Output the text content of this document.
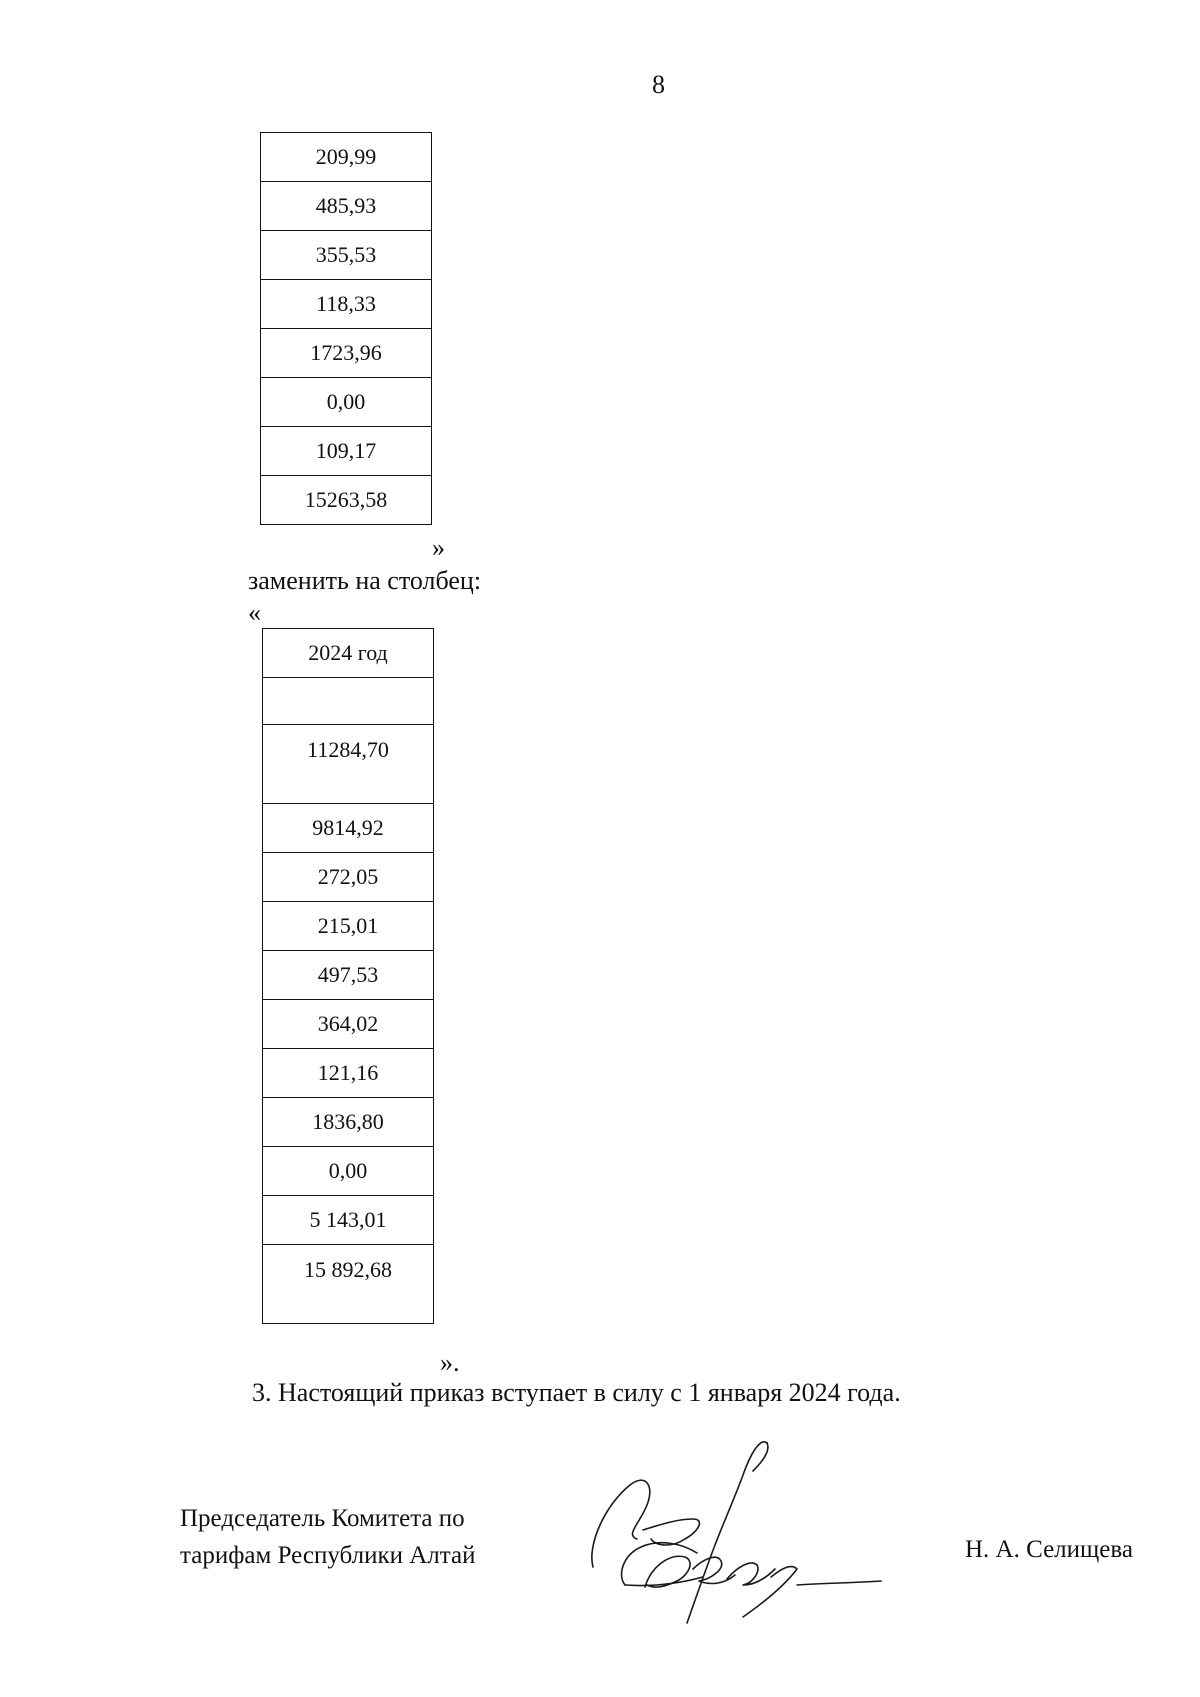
8
209,99
485,93
355,53
118,33
1723,96
0,00
109,17
15263,58
»
заменить на столбец:
«
2024 год

11284,70
9814,92
272,05
215,01
497,53
364,02
121,16
1836,80
0,00
5 143,01
15 892,68
».
3. Настоящий приказ вступает в силу с 1 января 2024 года.
Председатель Комитета по
тарифам Республики Алтай	Н. А. Селищева
